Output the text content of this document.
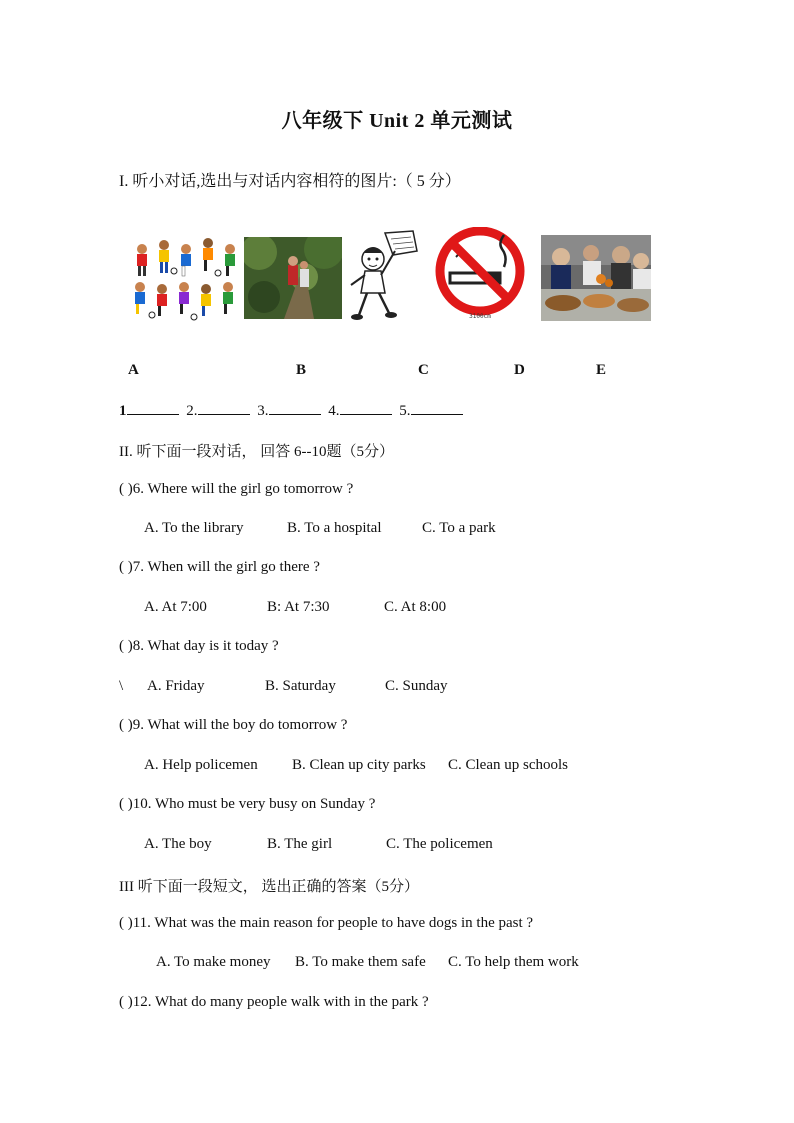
八年级下 Unit 2 单元测试
I. 听小对话,选出与对话内容相符的图片:（ 5 分）
3100cm
A	B	C	D	E
1	2.	3.	4.	5.
II. 听下面一段对话， 回答 6--10题（5分）
( )6. Where will the girl go tomorrow ?
A. To the library	B. To a hospital	C. To a park
( )7. When will the girl go there ?
A. At 7:00	B: At 7:30	C. At 8:00
( )8. What day is it today ?
\ A. Friday	B. Saturday	C. Sunday
( )9. What will the boy do tomorrow ?
A. Help policemen B. Clean up city parks C. Clean up schools
( )10. Who must be very busy on Sunday ?
A. The boy	B. The girl	C. The policemen
III 听下面一段短文， 选出正确的答案（5分）
( )11. What was the main reason for people to have dogs in the past ?
A. To make money B. To make them safe C. To help them work
( )12. What do many people walk with in the park ?
